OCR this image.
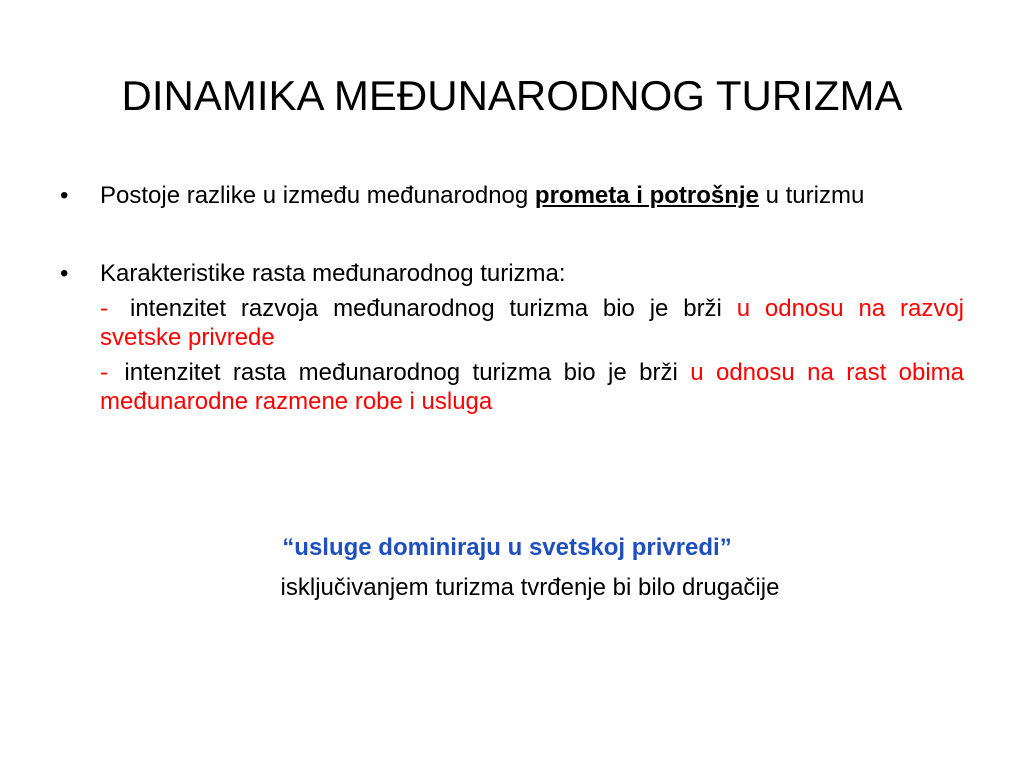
DINAMIKA MEĐUNARODNOG TURIZMA
•	Postoje razlike u između međunarodnog prometa i potrošnje u turizmu
•	Karakteristike rasta međunarodnog turizma:
- intenzitet razvoja međunarodnog turizma bio je brži u odnosu na razvoj svetske privrede
- intenzitet rasta međunarodnog turizma bio je brži u odnosu na rast obima međunarodne razmene robe i usluga
“usluge dominiraju u svetskoj privredi”
isključivanjem turizma tvrđenje bi bilo drugačije
